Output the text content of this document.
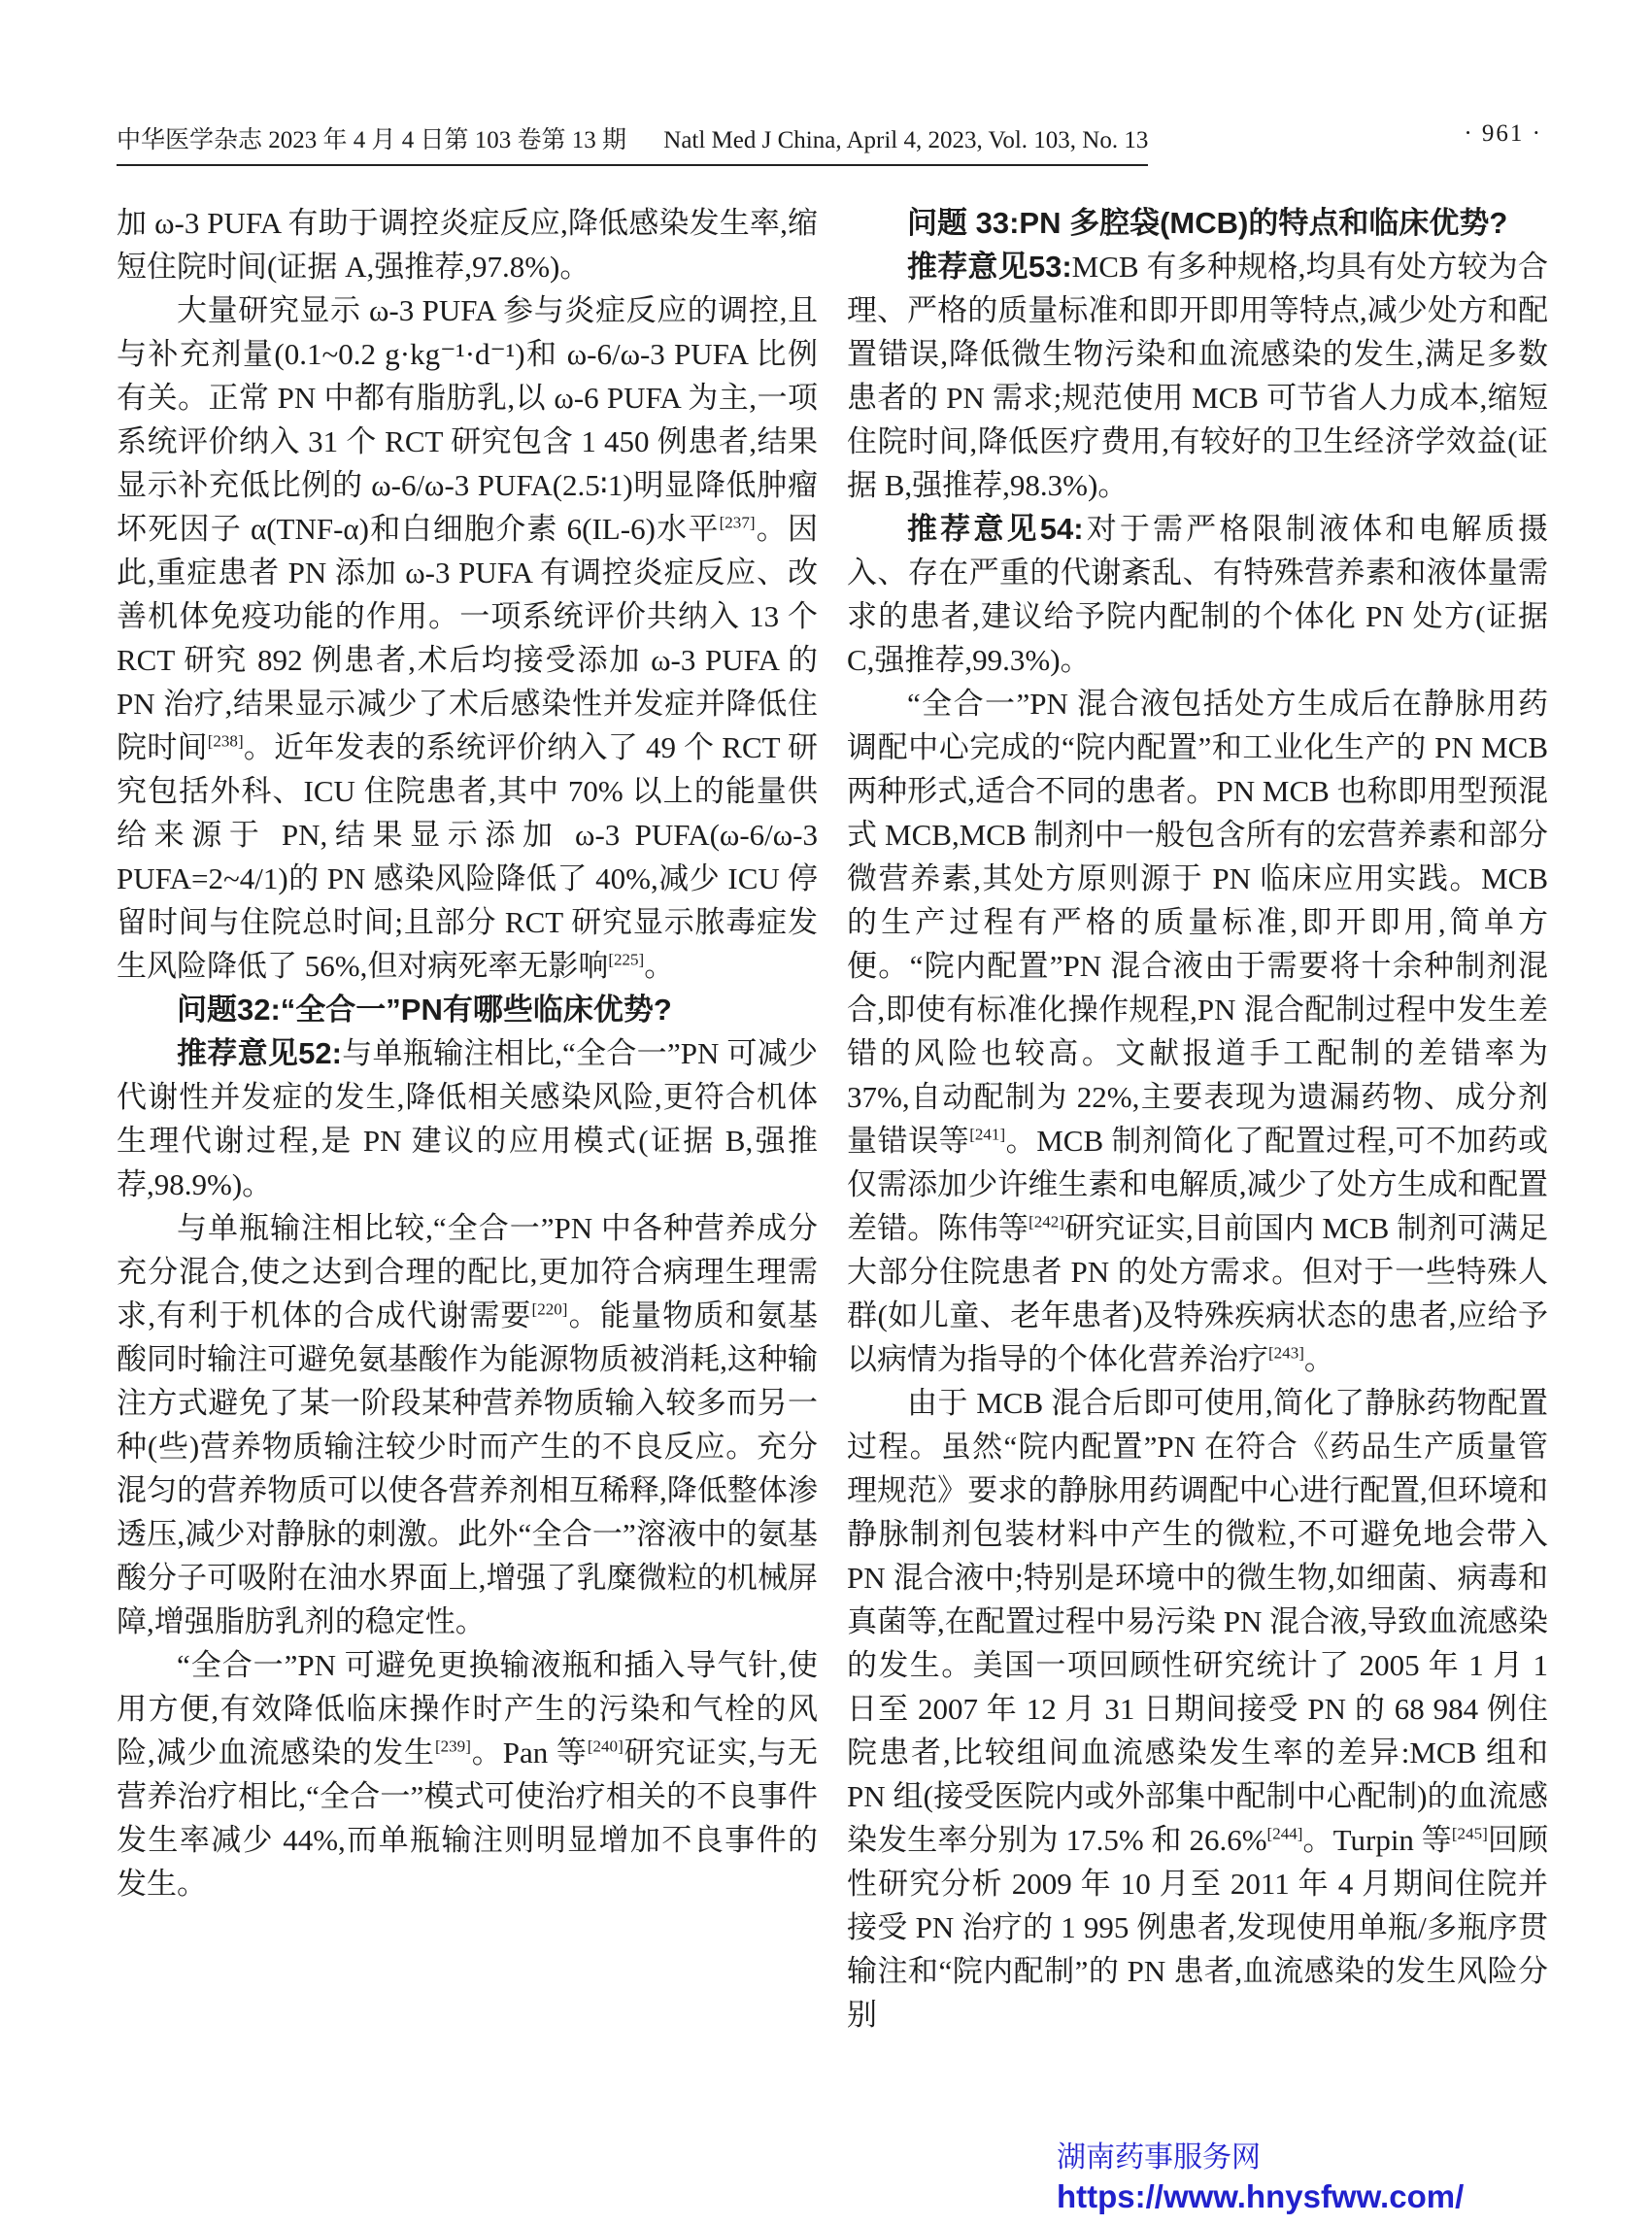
中华医学杂志 2023 年 4 月 4 日第 103 卷第 13 期 Natl Med J China, April 4, 2023, Vol. 103, No. 13	· 961 ·

加 ω-3 PUFA 有助于调控炎症反应,降低感染发生率,缩短住院时间(证据 A,强推荐,97.8%)。

大量研究显示 ω-3 PUFA 参与炎症反应的调控,且与补充剂量(0.1~0.2 g·kg⁻¹·d⁻¹)和 ω-6/ω-3 PUFA 比例有关。正常 PN 中都有脂肪乳,以 ω-6 PUFA 为主,一项系统评价纳入 31 个 RCT 研究包含 1 450 例患者,结果显示补充低比例的 ω-6/ω-3 PUFA(2.5∶1)明显降低肿瘤坏死因子 α(TNF-α)和白细胞介素 6(IL-6)水平[237]。因此,重症患者 PN 添加 ω-3 PUFA 有调控炎症反应、改善机体免疫功能的作用。一项系统评价共纳入 13 个 RCT 研究 892 例患者,术后均接受添加 ω-3 PUFA 的 PN 治疗,结果显示减少了术后感染性并发症并降低住院时间[238]。近年发表的系统评价纳入了 49 个 RCT 研究包括外科、ICU 住院患者,其中 70% 以上的能量供给来源于 PN,结果显示添加 ω-3 PUFA(ω-6/ω-3 PUFA=2~4/1)的 PN 感染风险降低了 40%,减少 ICU 停留时间与住院总时间;且部分 RCT 研究显示脓毒症发生风险降低了 56%,但对病死率无影响[225]。

问题32:“全合一”PN有哪些临床优势?

推荐意见52:与单瓶输注相比,“全合一”PN 可减少代谢性并发症的发生,降低相关感染风险,更符合机体生理代谢过程,是 PN 建议的应用模式(证据 B,强推荐,98.9%)。

与单瓶输注相比较,“全合一”PN 中各种营养成分充分混合,使之达到合理的配比,更加符合病理生理需求,有利于机体的合成代谢需要[220]。能量物质和氨基酸同时输注可避免氨基酸作为能源物质被消耗,这种输注方式避免了某一阶段某种营养物质输入较多而另一种(些)营养物质输注较少时而产生的不良反应。充分混匀的营养物质可以使各营养剂相互稀释,降低整体渗透压,减少对静脉的刺激。此外“全合一”溶液中的氨基酸分子可吸附在油水界面上,增强了乳糜微粒的机械屏障,增强脂肪乳剂的稳定性。

“全合一”PN 可避免更换输液瓶和插入导气针,使用方便,有效降低临床操作时产生的污染和气栓的风险,减少血流感染的发生[239]。Pan 等[240]研究证实,与无营养治疗相比,“全合一”模式可使治疗相关的不良事件发生率减少 44%,而单瓶输注则明显增加不良事件的发生。

问题 33:PN 多腔袋(MCB)的特点和临床优势?

推荐意见53:MCB 有多种规格,均具有处方较为合理、严格的质量标准和即开即用等特点,减少处方和配置错误,降低微生物污染和血流感染的发生,满足多数患者的 PN 需求;规范使用 MCB 可节省人力成本,缩短住院时间,降低医疗费用,有较好的卫生经济学效益(证据 B,强推荐,98.3%)。

推荐意见54:对于需严格限制液体和电解质摄入、存在严重的代谢紊乱、有特殊营养素和液体量需求的患者,建议给予院内配制的个体化 PN 处方(证据 C,强推荐,99.3%)。

“全合一”PN 混合液包括处方生成后在静脉用药调配中心完成的“院内配置”和工业化生产的 PN MCB 两种形式,适合不同的患者。PN MCB 也称即用型预混式 MCB,MCB 制剂中一般包含所有的宏营养素和部分微营养素,其处方原则源于 PN 临床应用实践。MCB 的生产过程有严格的质量标准,即开即用,简单方便。“院内配置”PN 混合液由于需要将十余种制剂混合,即使有标准化操作规程,PN 混合配制过程中发生差错的风险也较高。文献报道手工配制的差错率为 37%,自动配制为 22%,主要表现为遗漏药物、成分剂量错误等[241]。MCB 制剂简化了配置过程,可不加药或仅需添加少许维生素和电解质,减少了处方生成和配置差错。陈伟等[242]研究证实,目前国内 MCB 制剂可满足大部分住院患者 PN 的处方需求。但对于一些特殊人群(如儿童、老年患者)及特殊疾病状态的患者,应给予以病情为指导的个体化营养治疗[243]。

由于 MCB 混合后即可使用,简化了静脉药物配置过程。虽然“院内配置”PN 在符合《药品生产质量管理规范》要求的静脉用药调配中心进行配置,但环境和静脉制剂包装材料中产生的微粒,不可避免地会带入 PN 混合液中;特别是环境中的微生物,如细菌、病毒和真菌等,在配置过程中易污染 PN 混合液,导致血流感染的发生。美国一项回顾性研究统计了 2005 年 1 月 1 日至 2007 年 12 月 31 日期间接受 PN 的 68 984 例住院患者,比较组间血流感染发生率的差异:MCB 组和 PN 组(接受医院内或外部集中配制中心配制)的血流感染发生率分别为 17.5% 和 26.6%[244]。Turpin 等[245]回顾性研究分析 2009 年 10 月至 2011 年 4 月期间住院并接受 PN 治疗的 1 995 例患者,发现使用单瓶/多瓶序贯输注和“院内配制”的 PN 患者,血流感染的发生风险分别

湖南药事服务网
https://www.hnysfww.com/
